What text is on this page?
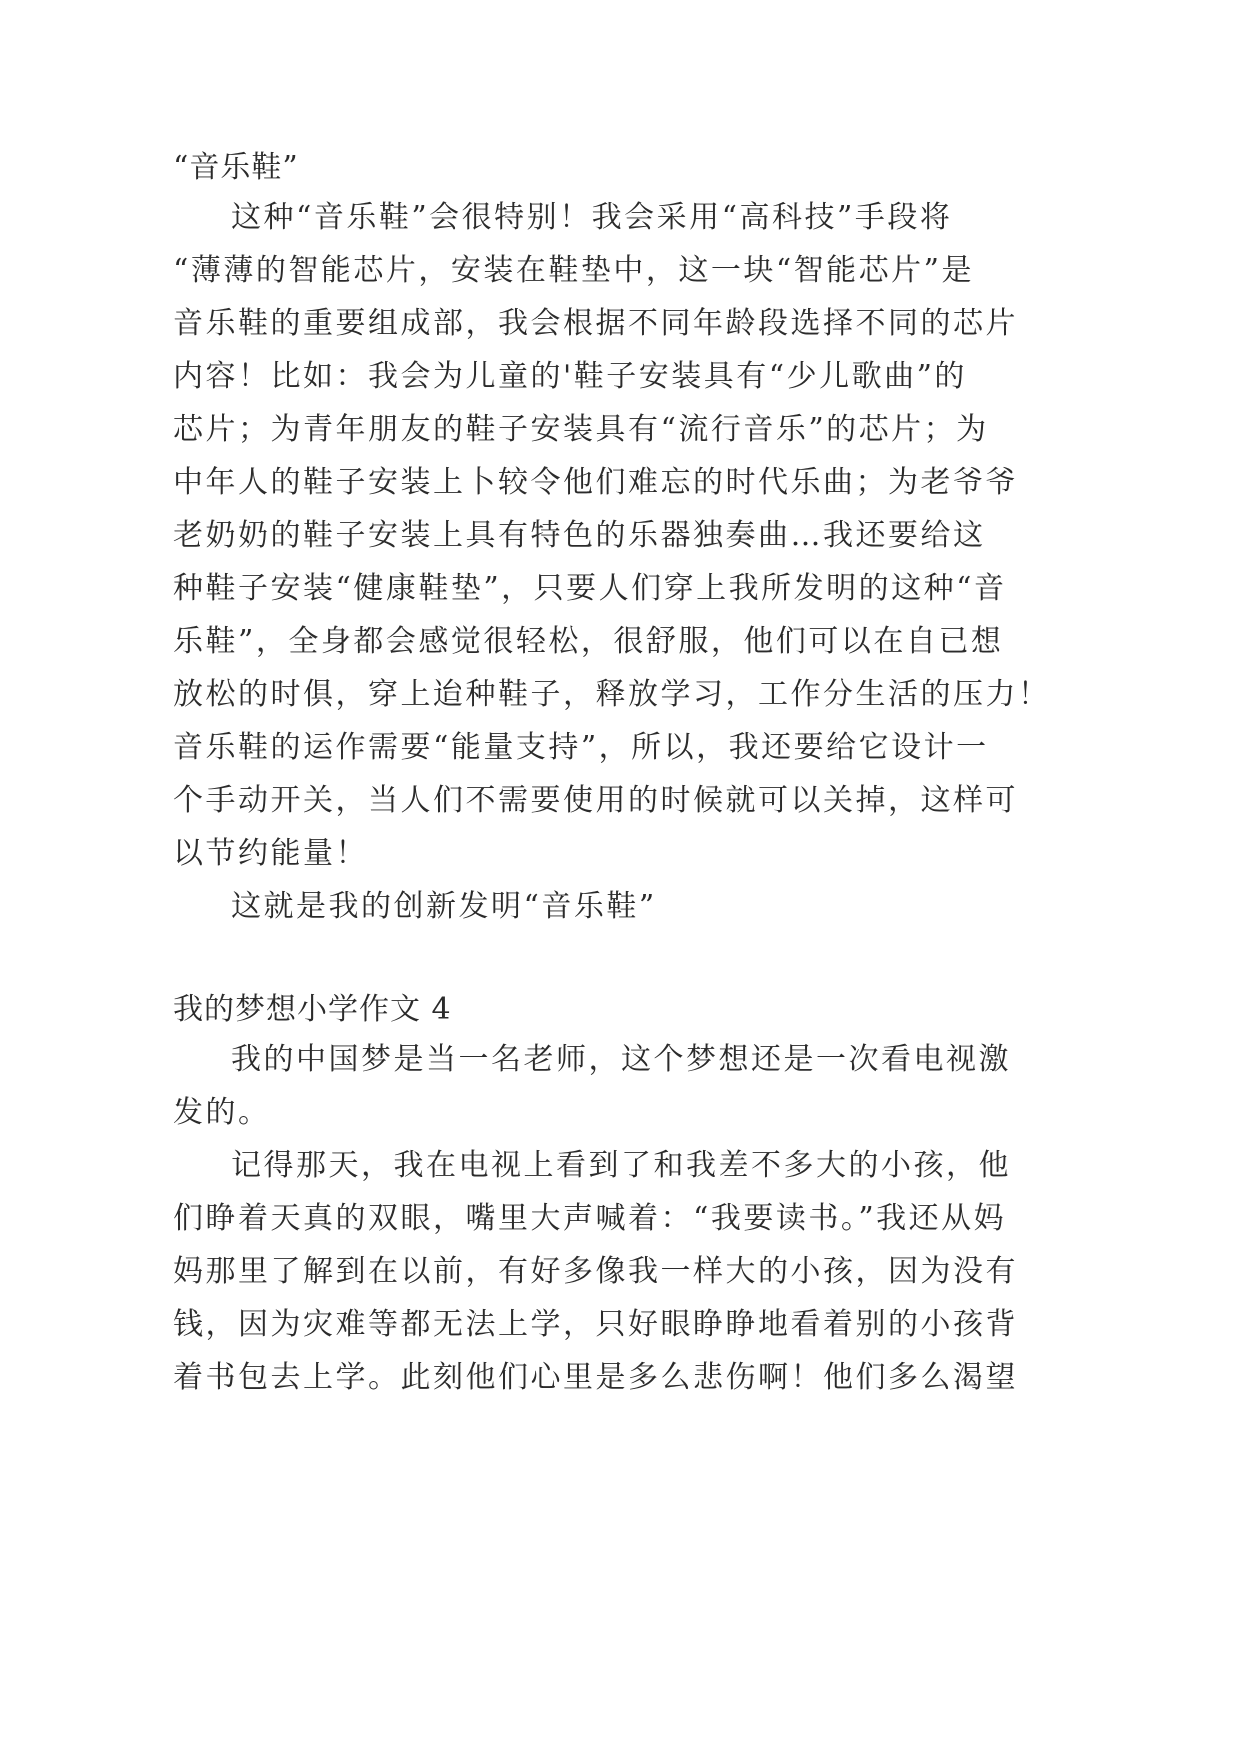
“音乐鞋”

这种“音乐鞋”会很特别！我会采用“高科技”手段将

“薄薄的智能芯片，安装在鞋垫中，这一块“智能芯片”是

音乐鞋的重要组成部，我会根据不同年龄段选择不同的芯片

内容！比如：我会为儿童的'鞋子安装具有“少儿歌曲”的

芯片；为青年朋友的鞋子安装具有“流行音乐”的芯片；为

中年人的鞋子安装上卜较令他们难忘的时代乐曲；为老爷爷

老奶奶的鞋子安装上具有特色的乐器独奏曲…我还要给这

种鞋子安装“健康鞋垫”，只要人们穿上我所发明的这种“音

乐鞋”，全身都会感觉很轻松，很舒服，他们可以在自已想

放松的时俱，穿上迨种鞋子，释放学习，工作分生活的压力！

音乐鞋的运作需要“能量支持”，所以，我还要给它设计一

个手动开关，当人们不需要使用的时候就可以关掉，这样可

以节约能量！

这就是我的创新发明“音乐鞋”

我的梦想小学作文 4

我的中国梦是当一名老师，这个梦想还是一次看电视激

发的。

记得那天，我在电视上看到了和我差不多大的小孩，他

们睁着天真的双眼，嘴里大声喊着：“我要读书。”我还从妈

妈那里了解到在以前，有好多像我一样大的小孩，因为没有

钱，因为灾难等都无法上学，只好眼睁睁地看着别的小孩背

着书包去上学。此刻他们心里是多么悲伤啊！他们多么渴望
